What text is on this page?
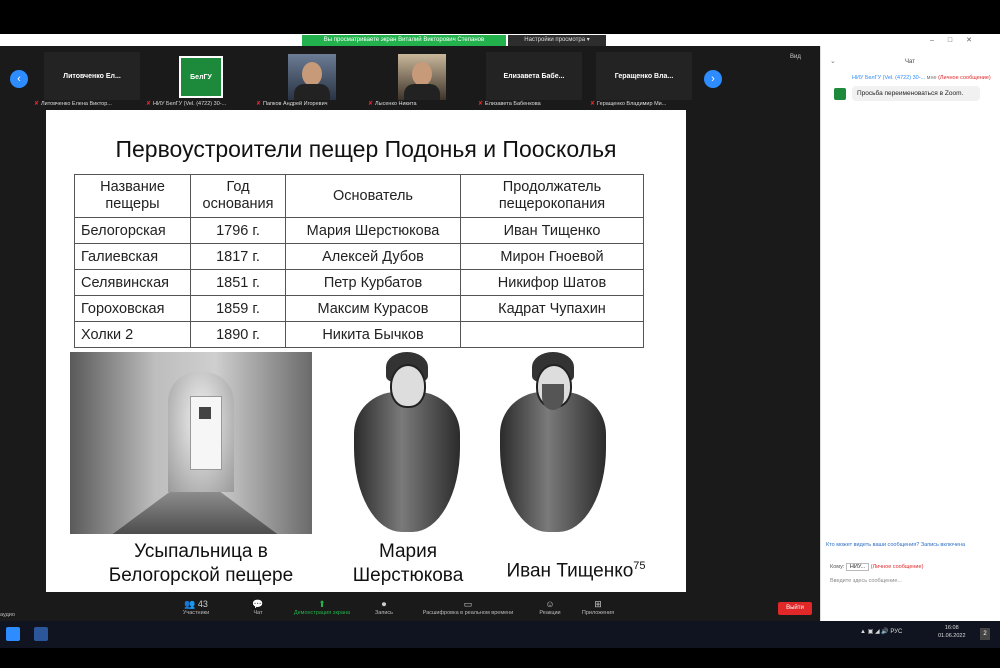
Вы просматриваете экран Виталий Викторович Степанов	Настройки просмотра ▾
‹	›
Вид
Литовченко Ел...	БелГУ	Елизавета Бабе...	Геращенко Вла...
✘ Литовченко Елена Виктор...	✘ НИУ БелГУ (Vel. (4722) 30-...	✘ Папков Андрей Игоревич	✘ Лысенко Никита	✘ Елизавета Бабенкова	✘ Геращенко Владимир Ми...
Первоустроители пещер Подонья и Поосколья
Название пещеры	Год основания	Основатель	Продолжатель пещерокопания
Белогорская	1796 г.	Мария Шерстюкова	Иван Тищенко
Галиевская	1817 г.	Алексей Дубов	Мирон Гноевой
Селявинская	1851 г.	Петр Курбатов	Никифор Шатов
Гороховская	1859 г.	Максим Курасов	Кадрат Чупахин
Холки 2	1890 г.	Никита Бычков	
Усыпальница в Белогорской пещере
Мария Шерстюкова	Иван Тищенко$^{75}$
аудио
👥 43
Участники
💬
Чат
⬆
Демонстрация экрана
⏺
Запись
▭
Расшифровка в реальном времени
☺
Реакции
⊞
Приложения
Выйти
–□✕
⌄	Чат
НИУ БелГУ (Vel. (4722) 30-... мне (Личное сообщение)
Просьба переименоваться в Zoom.
Кто может видеть ваши сообщения? Запись включена
Кому: НИУ... (Личное сообщение)
Введите здесь сообщение...
▲ ▣ ◢ 🔊 РУС
16:08
01.06.2022	2
